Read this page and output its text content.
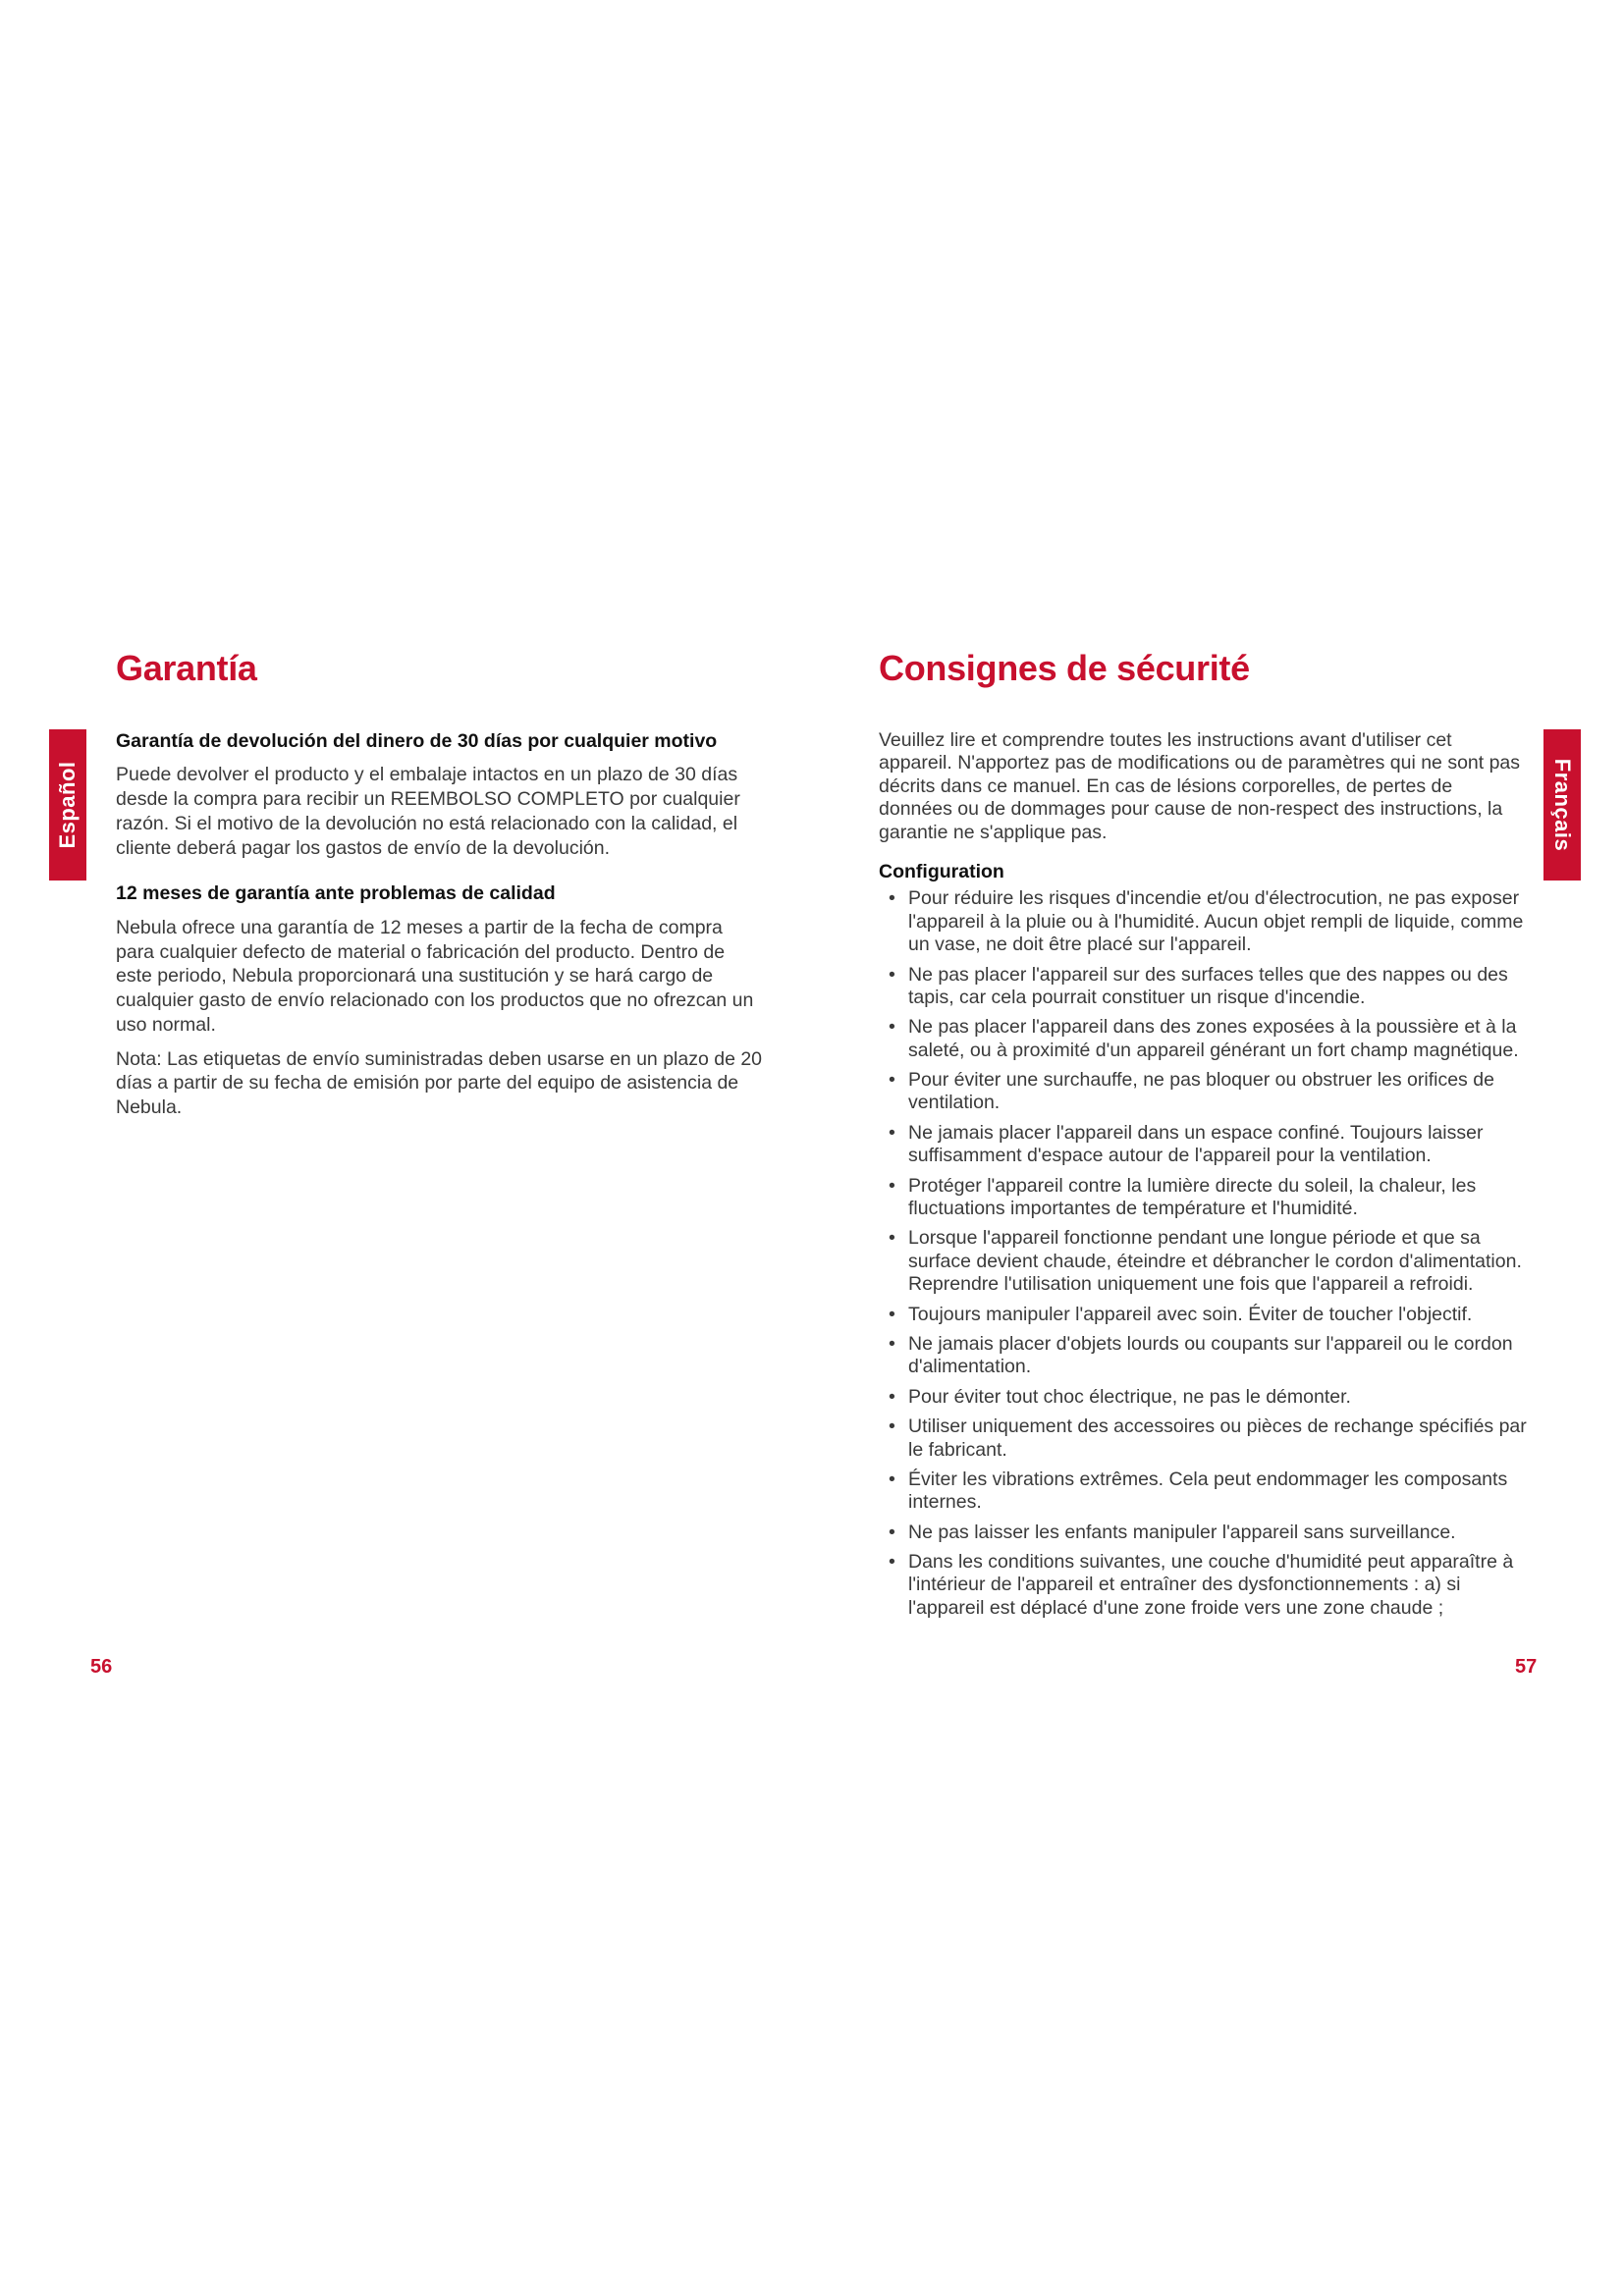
Garantía
Español
Garantía de devolución del dinero de 30 días por cualquier motivo

Puede devolver el producto y el embalaje intactos en un plazo de 30 días desde la compra para recibir un REEMBOLSO COMPLETO por cualquier razón. Si el motivo de la devolución no está relacionado con la calidad, el cliente deberá pagar los gastos de envío de la devolución.

12 meses de garantía ante problemas de calidad

Nebula ofrece una garantía de 12 meses a partir de la fecha de compra para cualquier defecto de material o fabricación del producto. Dentro de este periodo, Nebula proporcionará una sustitución y se hará cargo de cualquier gasto de envío relacionado con los productos que no ofrezcan un uso normal.

Nota: Las etiquetas de envío suministradas deben usarse en un plazo de 20 días a partir de su fecha de emisión por parte del equipo de asistencia de Nebula.

56
Consignes de sécurité
Français

Veuillez lire et comprendre toutes les instructions avant d'utiliser cet appareil. N'apportez pas de modifications ou de paramètres qui ne sont pas décrits dans ce manuel. En cas de lésions corporelles, de pertes de données ou de dommages pour cause de non-respect des instructions, la garantie ne s'applique pas.

Configuration
• Pour réduire les risques d'incendie et/ou d'électrocution, ne pas exposer l'appareil à la pluie ou à l'humidité. Aucun objet rempli de liquide, comme un vase, ne doit être placé sur l'appareil.
• Ne pas placer l'appareil sur des surfaces telles que des nappes ou des tapis, car cela pourrait constituer un risque d'incendie.
• Ne pas placer l'appareil dans des zones exposées à la poussière et à la saleté, ou à proximité d'un appareil générant un fort champ magnétique.
• Pour éviter une surchauffe, ne pas bloquer ou obstruer les orifices de ventilation.
• Ne jamais placer l'appareil dans un espace confiné. Toujours laisser suffisamment d'espace autour de l'appareil pour la ventilation.
• Protéger l'appareil contre la lumière directe du soleil, la chaleur, les fluctuations importantes de température et l'humidité.
• Lorsque l'appareil fonctionne pendant une longue période et que sa surface devient chaude, éteindre et débrancher le cordon d'alimentation. Reprendre l'utilisation uniquement une fois que l'appareil a refroidi.
• Toujours manipuler l'appareil avec soin. Éviter de toucher l'objectif.
• Ne jamais placer d'objets lourds ou coupants sur l'appareil ou le cordon d'alimentation.
• Pour éviter tout choc électrique, ne pas le démonter.
• Utiliser uniquement des accessoires ou pièces de rechange spécifiés par le fabricant.
• Éviter les vibrations extrêmes. Cela peut endommager les composants internes.
• Ne pas laisser les enfants manipuler l'appareil sans surveillance.
• Dans les conditions suivantes, une couche d'humidité peut apparaître à l'intérieur de l'appareil et entraîner des dysfonctionnements : a) si l'appareil est déplacé d'une zone froide vers une zone chaude ;
57
